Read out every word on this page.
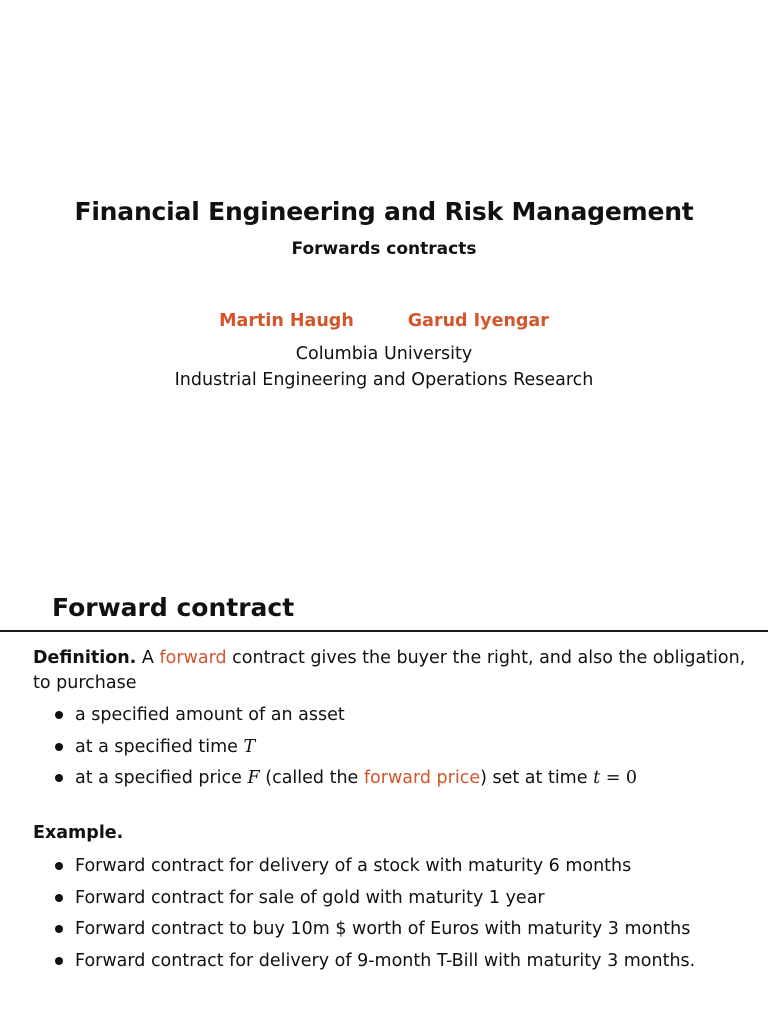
Financial Engineering and Risk Management
Forwards contracts
Martin Haugh	Garud Iyengar
Columbia University
Industrial Engineering and Operations Research
Forward contract
Definition. A forward contract gives the buyer the right, and also the obligation, to purchase
a specified amount of an asset
at a specified time T
at a specified price F (called the forward price) set at time t = 0
Example.
Forward contract for delivery of a stock with maturity 6 months
Forward contract for sale of gold with maturity 1 year
Forward contract to buy 10m $ worth of Euros with maturity 3 months
Forward contract for delivery of 9-month T-Bill with maturity 3 months.
